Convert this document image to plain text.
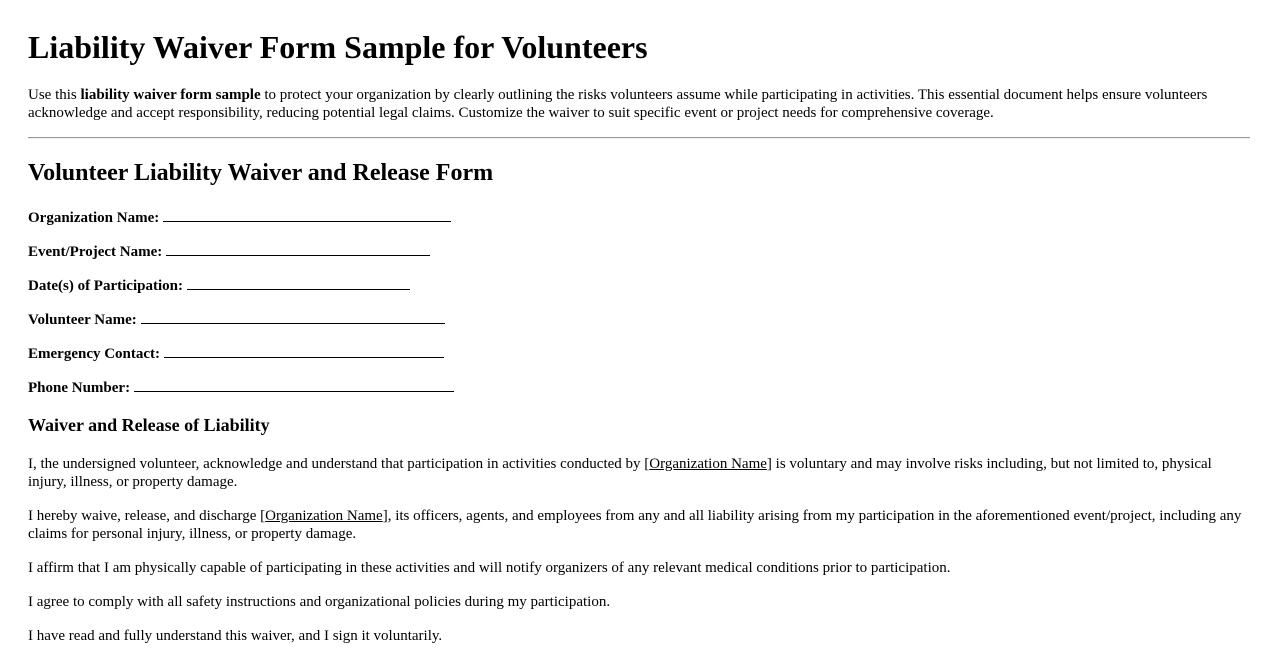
Liability Waiver Form Sample for Volunteers

Use this liability waiver form sample to protect your organization by clearly outlining the risks volunteers assume while participating in activities. This essential document helps ensure volunteers acknowledge and accept responsibility, reducing potential legal claims. Customize the waiver to suit specific event or project needs for comprehensive coverage.

Volunteer Liability Waiver and Release Form

Organization Name:

Event/Project Name:

Date(s) of Participation:

Volunteer Name:

Emergency Contact:

Phone Number:

Waiver and Release of Liability

I, the undersigned volunteer, acknowledge and understand that participation in activities conducted by [Organization Name] is voluntary and may involve risks including, but not limited to, physical injury, illness, or property damage.

I hereby waive, release, and discharge [Organization Name], its officers, agents, and employees from any and all liability arising from my participation in the aforementioned event/project, including any claims for personal injury, illness, or property damage.

I affirm that I am physically capable of participating in these activities and will notify organizers of any relevant medical conditions prior to participation.

I agree to comply with all safety instructions and organizational policies during my participation.

I have read and fully understand this waiver, and I sign it voluntarily.
